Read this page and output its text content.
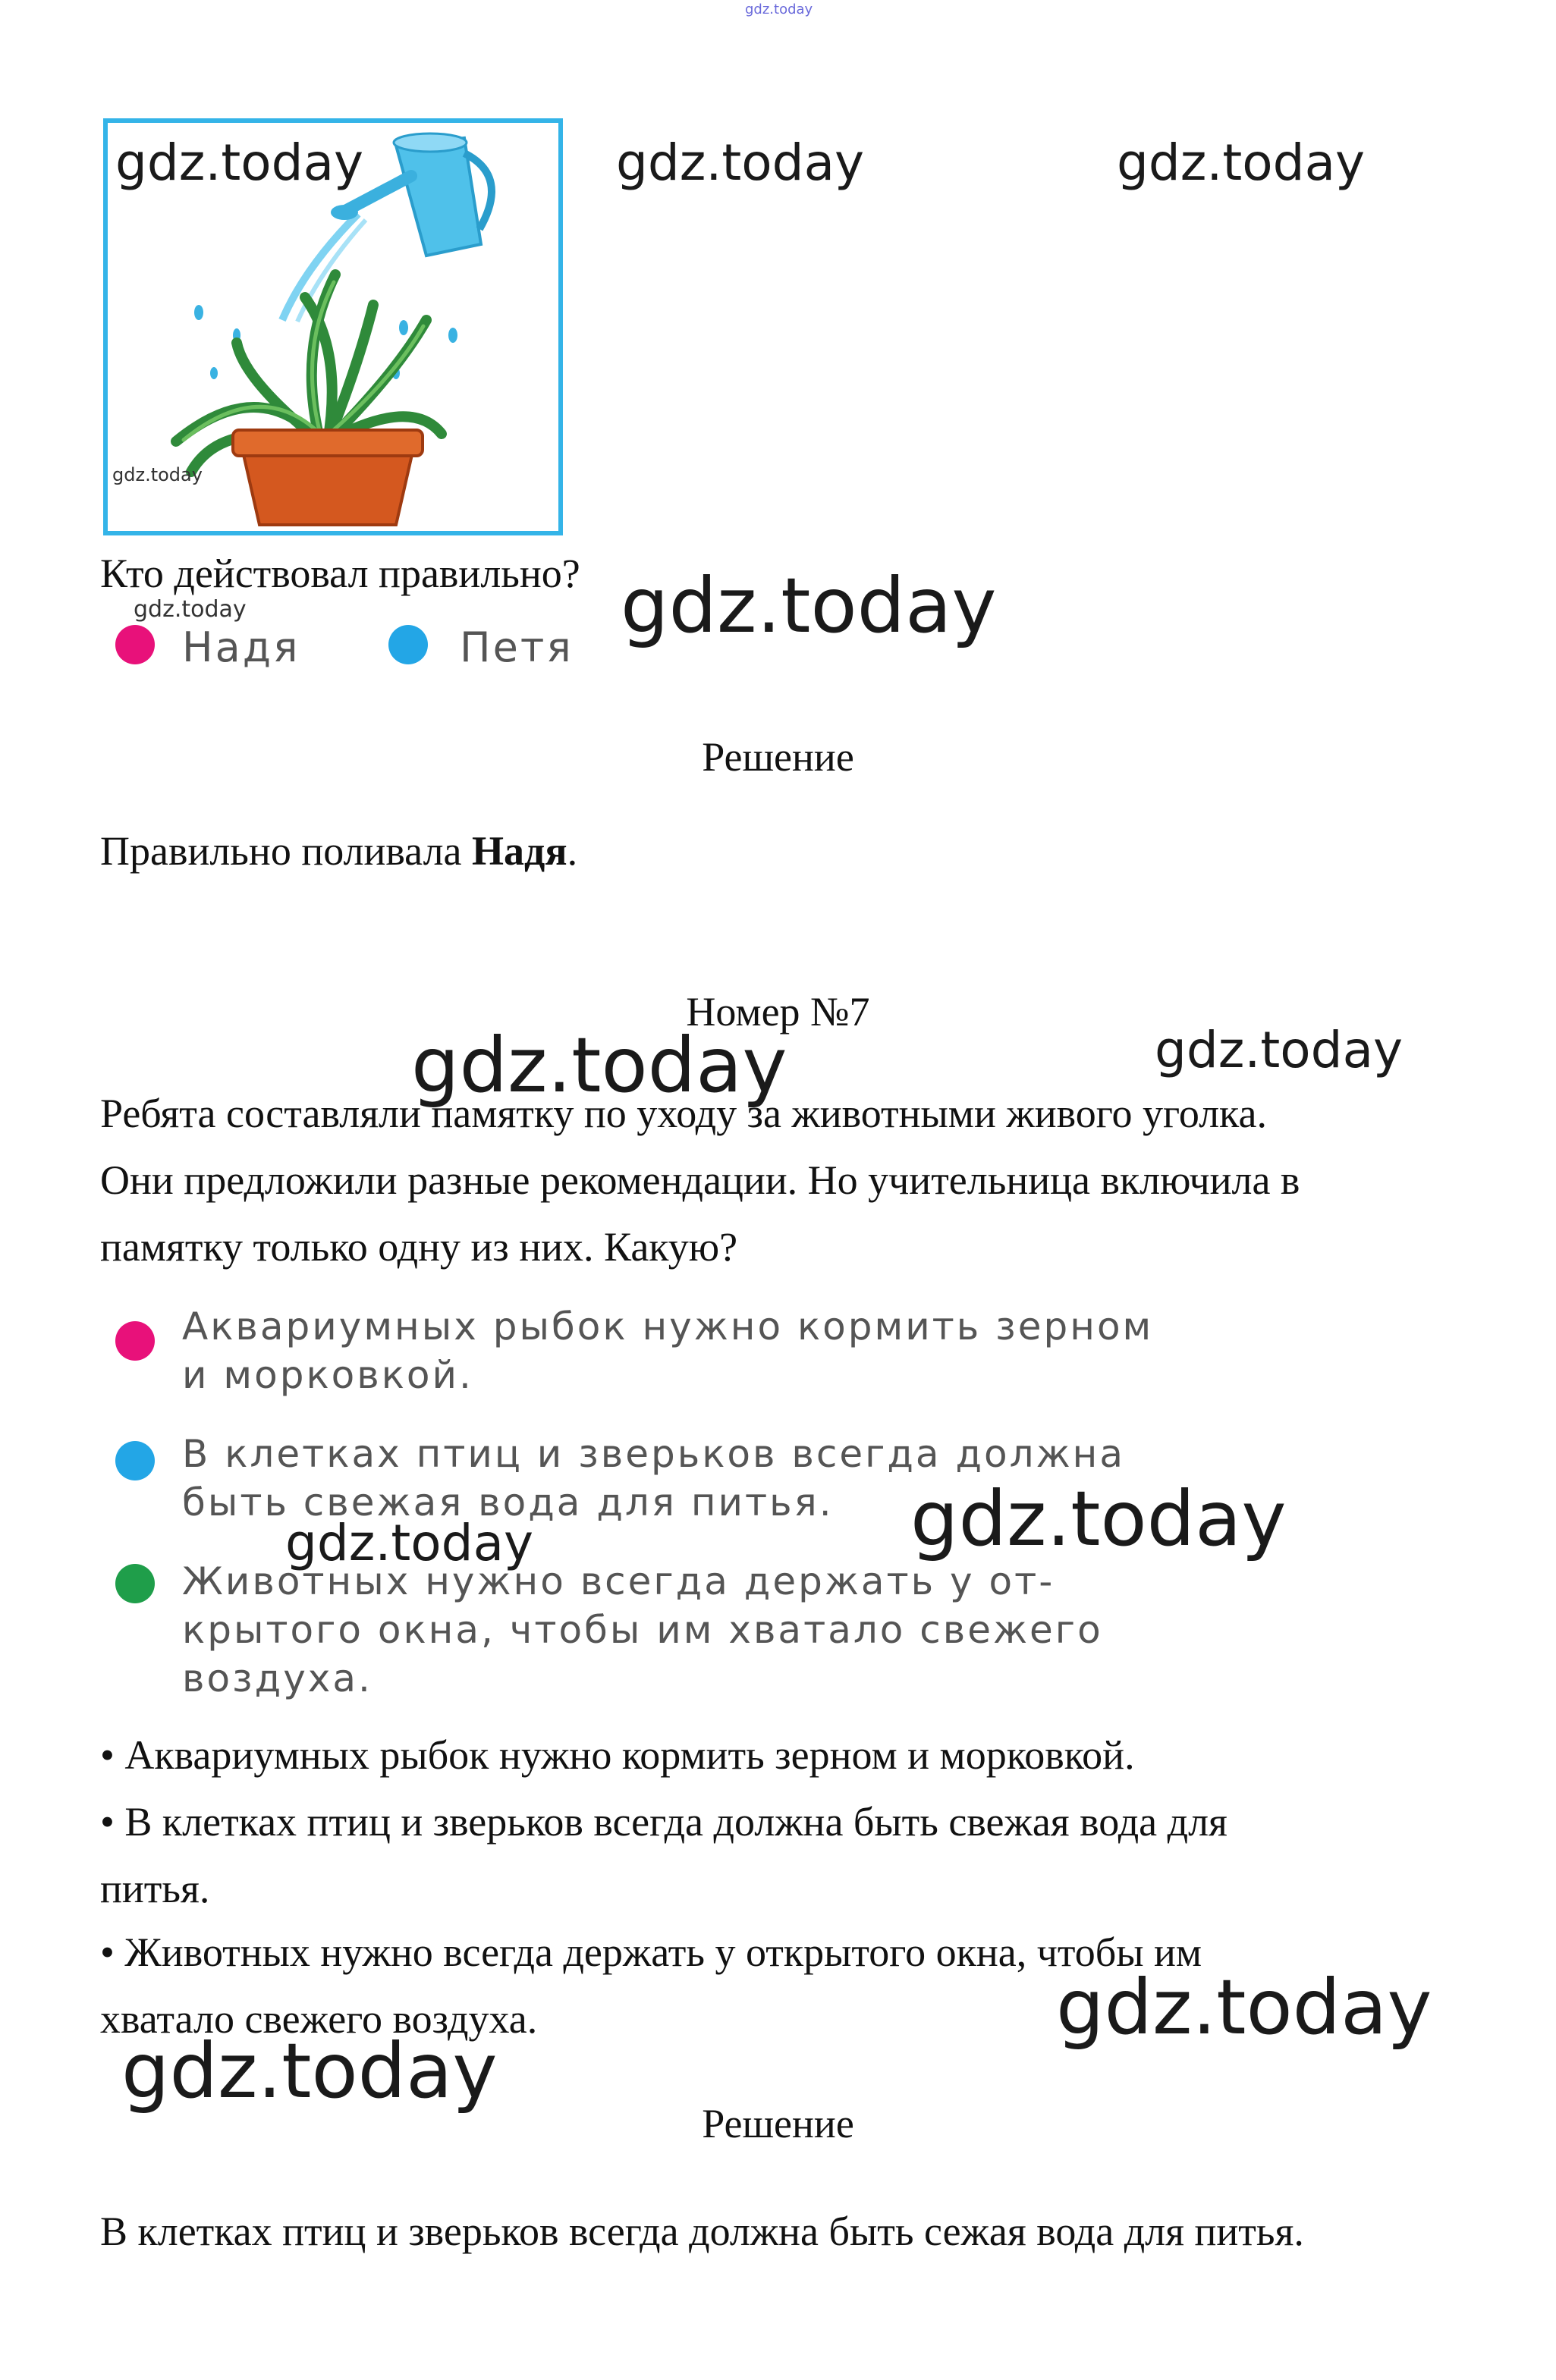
gdz.today
gdz.today
gdz.today	gdz.today	gdz.today
Кто действовал правильно?
gdz.today
Надя	Петя gdz.today
Решение
Правильно поливала Надя.
Номер №7
gdz.today	gdz.today
Ребята составляли памятку по уходу за животными живого уголка.
Они предложили разные рекомендации. Но учительница включила в
памятку только одну из них. Какую?
Аквариумных рыбок нужно кормить зерном
и морковкой.
В клетках птиц и зверьков всегда должна
быть свежая вода для питья.
Животных нужно всегда держать у от-
крытого окна, чтобы им хватало свежего
воздуха.
gdz.today
gdz.today
• Аквариумных рыбок нужно кормить зерном и морковкой.
• В клетках птиц и зверьков всегда должна быть свежая вода для
питья.
• Животных нужно всегда держать у открытого окна, чтобы им
хватало свежего воздуха.	gdz.today
gdz.today
Решение
В клетках птиц и зверьков всегда должна быть сежая вода для питья.
